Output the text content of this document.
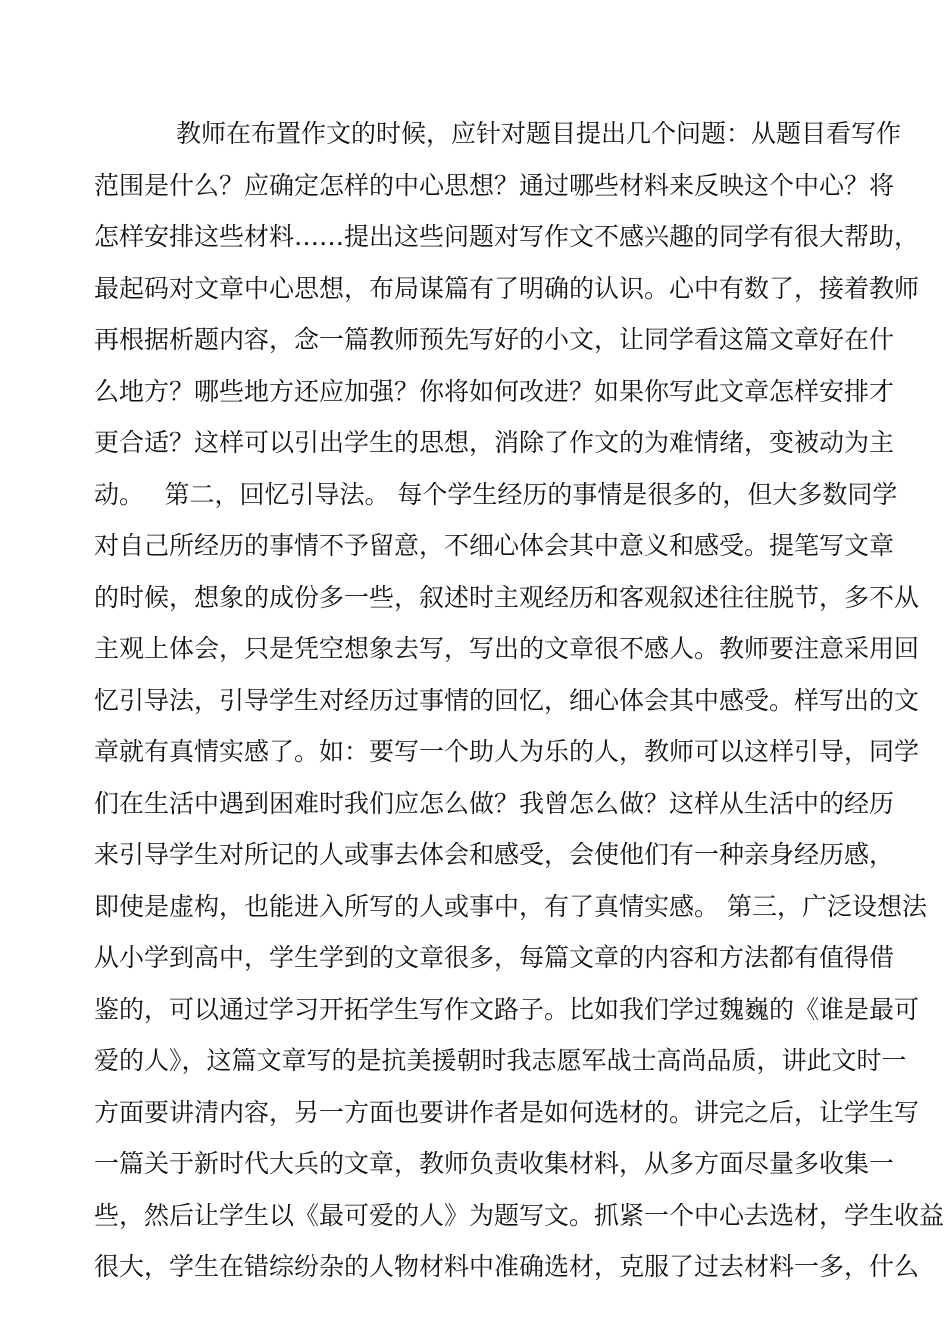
教师在布置作文的时候，应针对题目提出几个问题：从题目看写作
范围是什么？应确定怎样的中心思想？通过哪些材料来反映这个中心？将
怎样安排这些材料……提出这些问题对写作文不感兴趣的同学有很大帮助，
最起码对文章中心思想，布局谋篇有了明确的认识。心中有数了，接着教师
再根据析题内容，念一篇教师预先写好的小文，让同学看这篇文章好在什
么地方？哪些地方还应加强？你将如何改进？如果你写此文章怎样安排才
更合适？这样可以引出学生的思想，消除了作文的为难情绪，变被动为主
动。　 第二，回忆引导法。 每个学生经历的事情是很多的，但大多数同学
对自己所经历的事情不予留意，不细心体会其中意义和感受。提笔写文章
的时候，想象的成份多一些，叙述时主观经历和客观叙述往往脱节，多不从
主观上体会，只是凭空想象去写，写出的文章很不感人。教师要注意采用回
忆引导法，引导学生对经历过事情的回忆，细心体会其中感受。样写出的文
章就有真情实感了。如：要写一个助人为乐的人，教师可以这样引导，同学
们在生活中遇到困难时我们应怎么做？我曾怎么做？这样从生活中的经历
来引导学生对所记的人或事去体会和感受，会使他们有一种亲身经历感，
即使是虚构，也能进入所写的人或事中，有了真情实感。 第三，广泛设想法
从小学到高中，学生学到的文章很多，每篇文章的内容和方法都有值得借
鉴的，可以通过学习开拓学生写作文路子。比如我们学过魏巍的《谁是最可
爱的人》，这篇文章写的是抗美援朝时我志愿军战士高尚品质，讲此文时一
方面要讲清内容，另一方面也要讲作者是如何选材的。讲完之后，让学生写
一篇关于新时代大兵的文章，教师负责收集材料，从多方面尽量多收集一
些，然后让学生以《最可爱的人》为题写文。抓紧一个中心去选材，学生收益
很大，学生在错综纷杂的人物材料中准确选材，克服了过去材料一多，什么
